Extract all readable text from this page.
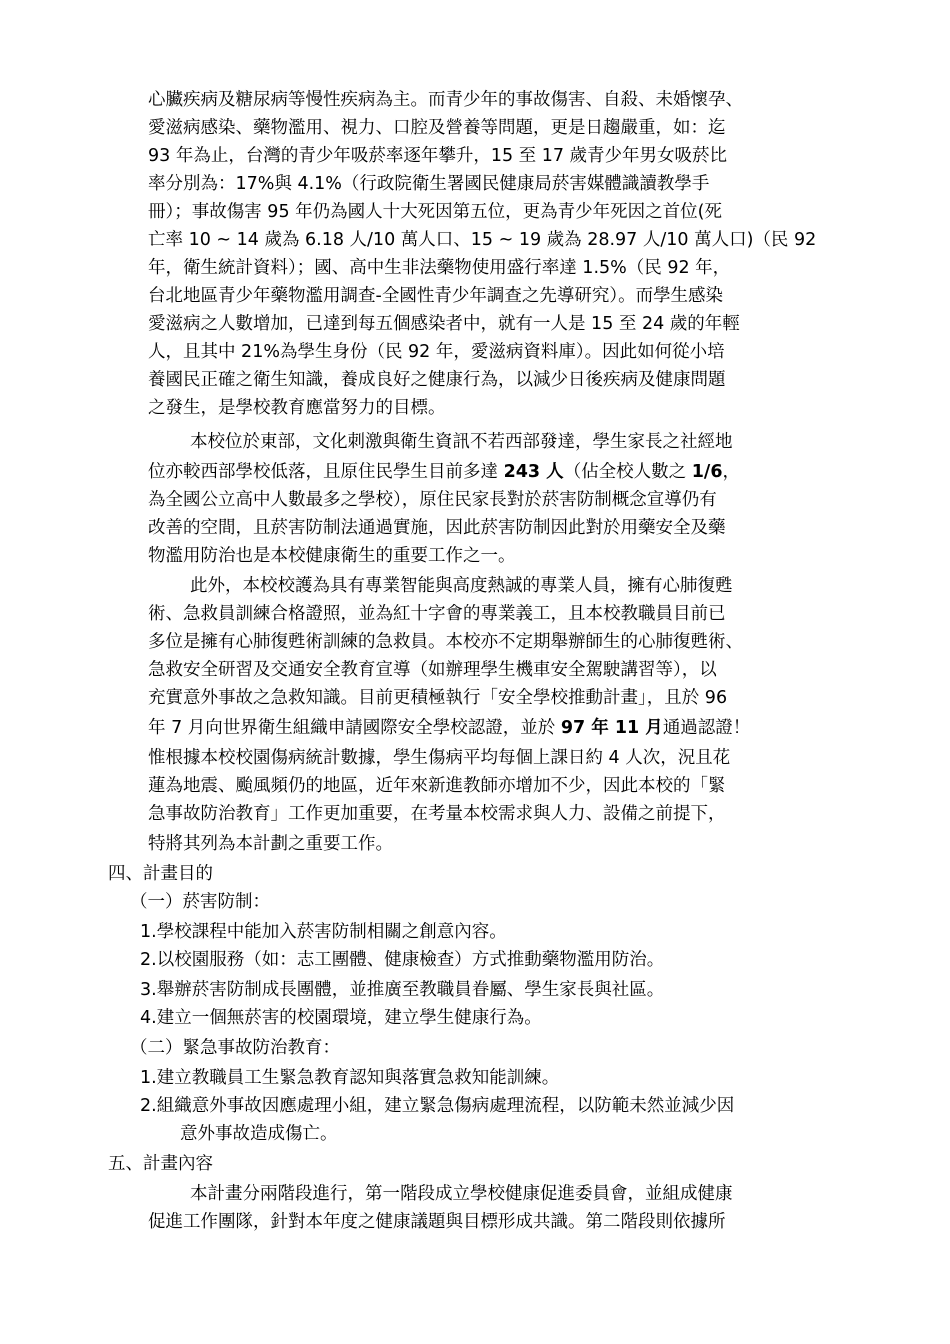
心臟疾病及糖尿病等慢性疾病為主。而青少年的事故傷害、自殺、未婚懷孕、
愛滋病感染、藥物濫用、視力、口腔及營養等問題，更是日趨嚴重，如：迄
93 年為止，台灣的青少年吸菸率逐年攀升，15 至 17 歲青少年男女吸菸比
率分別為：17%與 4.1%（行政院衛生署國民健康局菸害媒體識讀教學手
冊）；事故傷害 95 年仍為國人十大死因第五位，更為青少年死因之首位(死
亡率 10 ~ 14 歲為 6.18 人/10 萬人口、15 ~ 19 歲為 28.97 人/10 萬人口)（民 92
年，衛生統計資料）；國、高中生非法藥物使用盛行率達 1.5%（民 92 年，
台北地區青少年藥物濫用調查-全國性青少年調查之先導研究）。而學生感染
愛滋病之人數增加，已達到每五個感染者中，就有一人是 15 至 24 歲的年輕
人，且其中 21%為學生身份（民 92 年，愛滋病資料庫）。因此如何從小培
養國民正確之衛生知識，養成良好之健康行為，以減少日後疾病及健康問題
之發生，是學校教育應當努力的目標。
本校位於東部，文化刺激與衛生資訊不若西部發達，學生家長之社經地
位亦較西部學校低落，且原住民學生目前多達 243 人（佔全校人數之 1/6，
為全國公立高中人數最多之學校），原住民家長對於菸害防制概念宣導仍有
改善的空間，且菸害防制法通過實施，因此菸害防制因此對於用藥安全及藥
物濫用防治也是本校健康衛生的重要工作之一。
此外，本校校護為具有專業智能與高度熱誠的專業人員，擁有心肺復甦
術、急救員訓練合格證照，並為紅十字會的專業義工，且本校教職員目前已
多位是擁有心肺復甦術訓練的急救員。本校亦不定期舉辦師生的心肺復甦術、
急救安全研習及交通安全教育宣導（如辦理學生機車安全駕駛講習等），以
充實意外事故之急救知識。目前更積極執行「安全學校推動計畫」，且於 96
年 7 月向世界衛生組織申請國際安全學校認證，並於 97 年 11 月通過認證！
惟根據本校校園傷病統計數據，學生傷病平均每個上課日約 4 人次，況且花
蓮為地震、颱風頻仍的地區，近年來新進教師亦增加不少，因此本校的「緊
急事故防治教育」工作更加重要，在考量本校需求與人力、設備之前提下，
特將其列為本計劃之重要工作。
四、計畫目的
（一）菸害防制：
1.學校課程中能加入菸害防制相關之創意內容。
2.以校園服務（如：志工團體、健康檢查）方式推動藥物濫用防治。
3.舉辦菸害防制成長團體，並推廣至教職員眷屬、學生家長與社區。
4.建立一個無菸害的校園環境，建立學生健康行為。
（二）緊急事故防治教育：
1.建立教職員工生緊急教育認知與落實急救知能訓練。
2.組織意外事故因應處理小組，建立緊急傷病處理流程，以防範未然並減少因
意外事故造成傷亡。
五、計畫內容
本計畫分兩階段進行，第一階段成立學校健康促進委員會，並組成健康
促進工作團隊，針對本年度之健康議題與目標形成共識。第二階段則依據所
